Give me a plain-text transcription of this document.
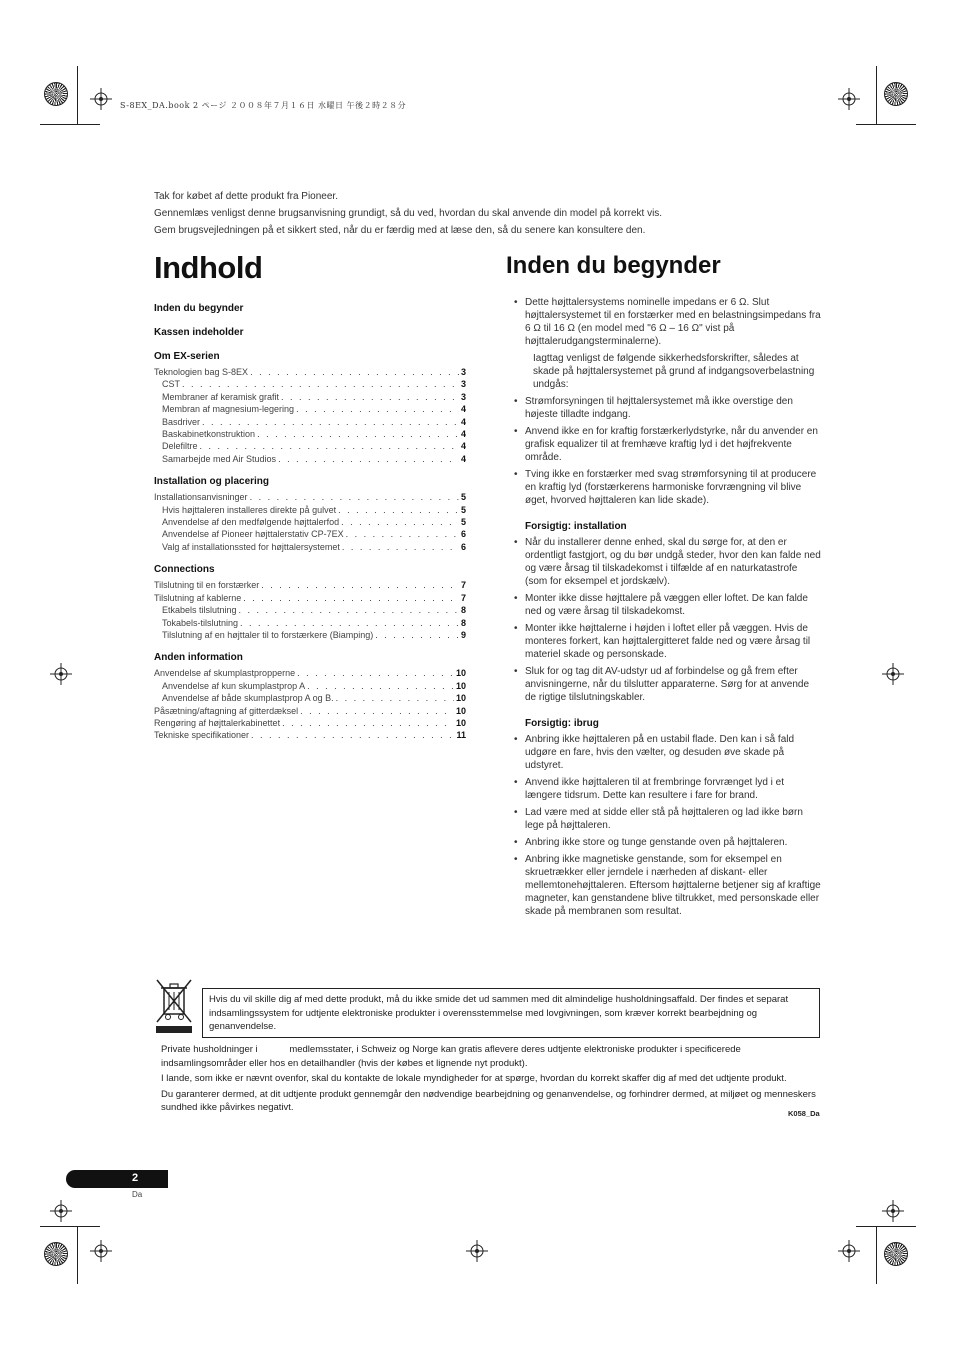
S-8EX_DA.book 2 ページ ２００８年７月１６日 水曜日 午後２時２８分

Tak for købet af dette produkt fra Pioneer.

Gennemlæs venligst denne brugsanvisning grundigt, så du ved, hvordan du skal anvende din model på korrekt vis.

Gem brugsvejledningen på et sikkert sted, når du er færdig med at læse den, så du senere kan konsultere den.

Indhold
Inden du begynder
Kassen indeholder
Om EX-serien
Teknologien bag S-8EX . . .	3
CST . . .	3
Membraner af keramisk grafit . . .	3
Membran af magnesium-legering . . .	4
Basdriver . . .	4
Baskabinetkonstruktion . . .	4
Delefiltre . . .	4
Samarbejde med Air Studios . . .	4
Installation og placering
Installationsanvisninger . . .	5
Hvis højttaleren installeres direkte på gulvet . . .	5
Anvendelse af den medfølgende højttalerfod . . .	5
Anvendelse af Pioneer højttalerstativ CP-7EX . . .	6
Valg af installationssted for højttalersystemet . . .	6
Connections
Tilslutning til en forstærker . . .	7
Tilslutning af kablerne . . .	7
Etkabels tilslutning . . .	8
Tokabels-tilslutning . . .	8
Tilslutning af en højttaler til to forstærkere (Biamping) . . .	9
Anden information
Anvendelse af skumplastpropperne . . .	10
Anvendelse af kun skumplastprop A . . .	10
Anvendelse af både skumplastprop A og B. . . .	10
Påsætning/aftagning af gitterdæksel . . .	10
Rengøring af højttalerkabinettet . . .	10
Tekniske specifikationer . . .	11
Inden du begynder
• Dette højttalersystems nominelle impedans er 6 Ω. Slut højttalersystemet til en forstærker med en belastningsimpedans fra 6 Ω til 16 Ω (en model med "6 Ω – 16 Ω" vist på højttalerudgangsterminalerne).
Iagttag venligst de følgende sikkerhedsforskrifter, således at skade på højttalersystemet på grund af indgangsoverbelastning undgås:
• Strømforsyningen til højttalersystemet må ikke overstige den højeste tilladte indgang.
• Anvend ikke en for kraftig forstærkerlydstyrke, når du anvender en grafisk equalizer til at fremhæve kraftig lyd i det højfrekvente område.
• Tving ikke en forstærker med svag strømforsyning til at producere en kraftig lyd (forstærkerens harmoniske forvrængning vil blive øget, hvorved højttaleren kan lide skade).
Forsigtig: installation
• Når du installerer denne enhed, skal du sørge for, at den er ordentligt fastgjort, og du bør undgå steder, hvor den kan falde ned og være årsag til tilskadekomst i tilfælde af en naturkatastrofe (som for eksempel et jordskælv).
• Monter ikke disse højttalere på væggen eller loftet. De kan falde ned og være årsag til tilskadekomst.
• Monter ikke højttalerne i højden i loftet eller på væggen. Hvis de monteres forkert, kan højttalergitteret falde ned og være årsag til materiel skade og personskade.
• Sluk for og tag dit AV-udstyr ud af forbindelse og gå frem efter anvisningerne, når du tilslutter apparaterne. Sørg for at anvende de rigtige tilslutningskabler.
Forsigtig: ibrug
• Anbring ikke højttaleren på en ustabil flade. Den kan i så fald udgøre en fare, hvis den vælter, og desuden øve skade på udstyret.
• Anvend ikke højttaleren til at frembringe forvrænget lyd i et længere tidsrum. Dette kan resultere i fare for brand.
• Lad være med at sidde eller stå på højttaleren og lad ikke børn lege på højttaleren.
• Anbring ikke store og tunge genstande oven på højttaleren.
• Anbring ikke magnetiske genstande, som for eksempel en skruetrækker eller jerndele i nærheden af diskant- eller mellemtonehøjttaleren. Eftersom højttalerne betjener sig af kraftige magneter, kan genstandene blive tiltrukket, med personskade eller skade på membranen som resultat.
Hvis du vil skille dig af med dette produkt, må du ikke smide det ud sammen med dit almindelige husholdningsaffald. Der findes et separat indsamlingssystem for udtjente elektroniske produkter i overensstemmelse med lovgivningen, som kræver korrekt bearbejdning og genanvendelse.

Private husholdninger i            medlemsstater, i Schweiz og Norge kan gratis aflevere deres udtjente elektroniske produkter i specificerede indsamlingsområder eller hos en detailhandler (hvis der købes et lignende nyt produkt).

I lande, som ikke er nævnt ovenfor, skal du kontakte de lokale myndigheder for at spørge, hvordan du korrekt skaffer dig af med det udtjente produkt.

Du garanterer dermed, at dit udtjente produkt gennemgår den nødvendige bearbejdning og genanvendelse, og forhindrer dermed, at miljøet og menneskers sundhed ikke påvirkes negativt.

K058_Da
2
Da
